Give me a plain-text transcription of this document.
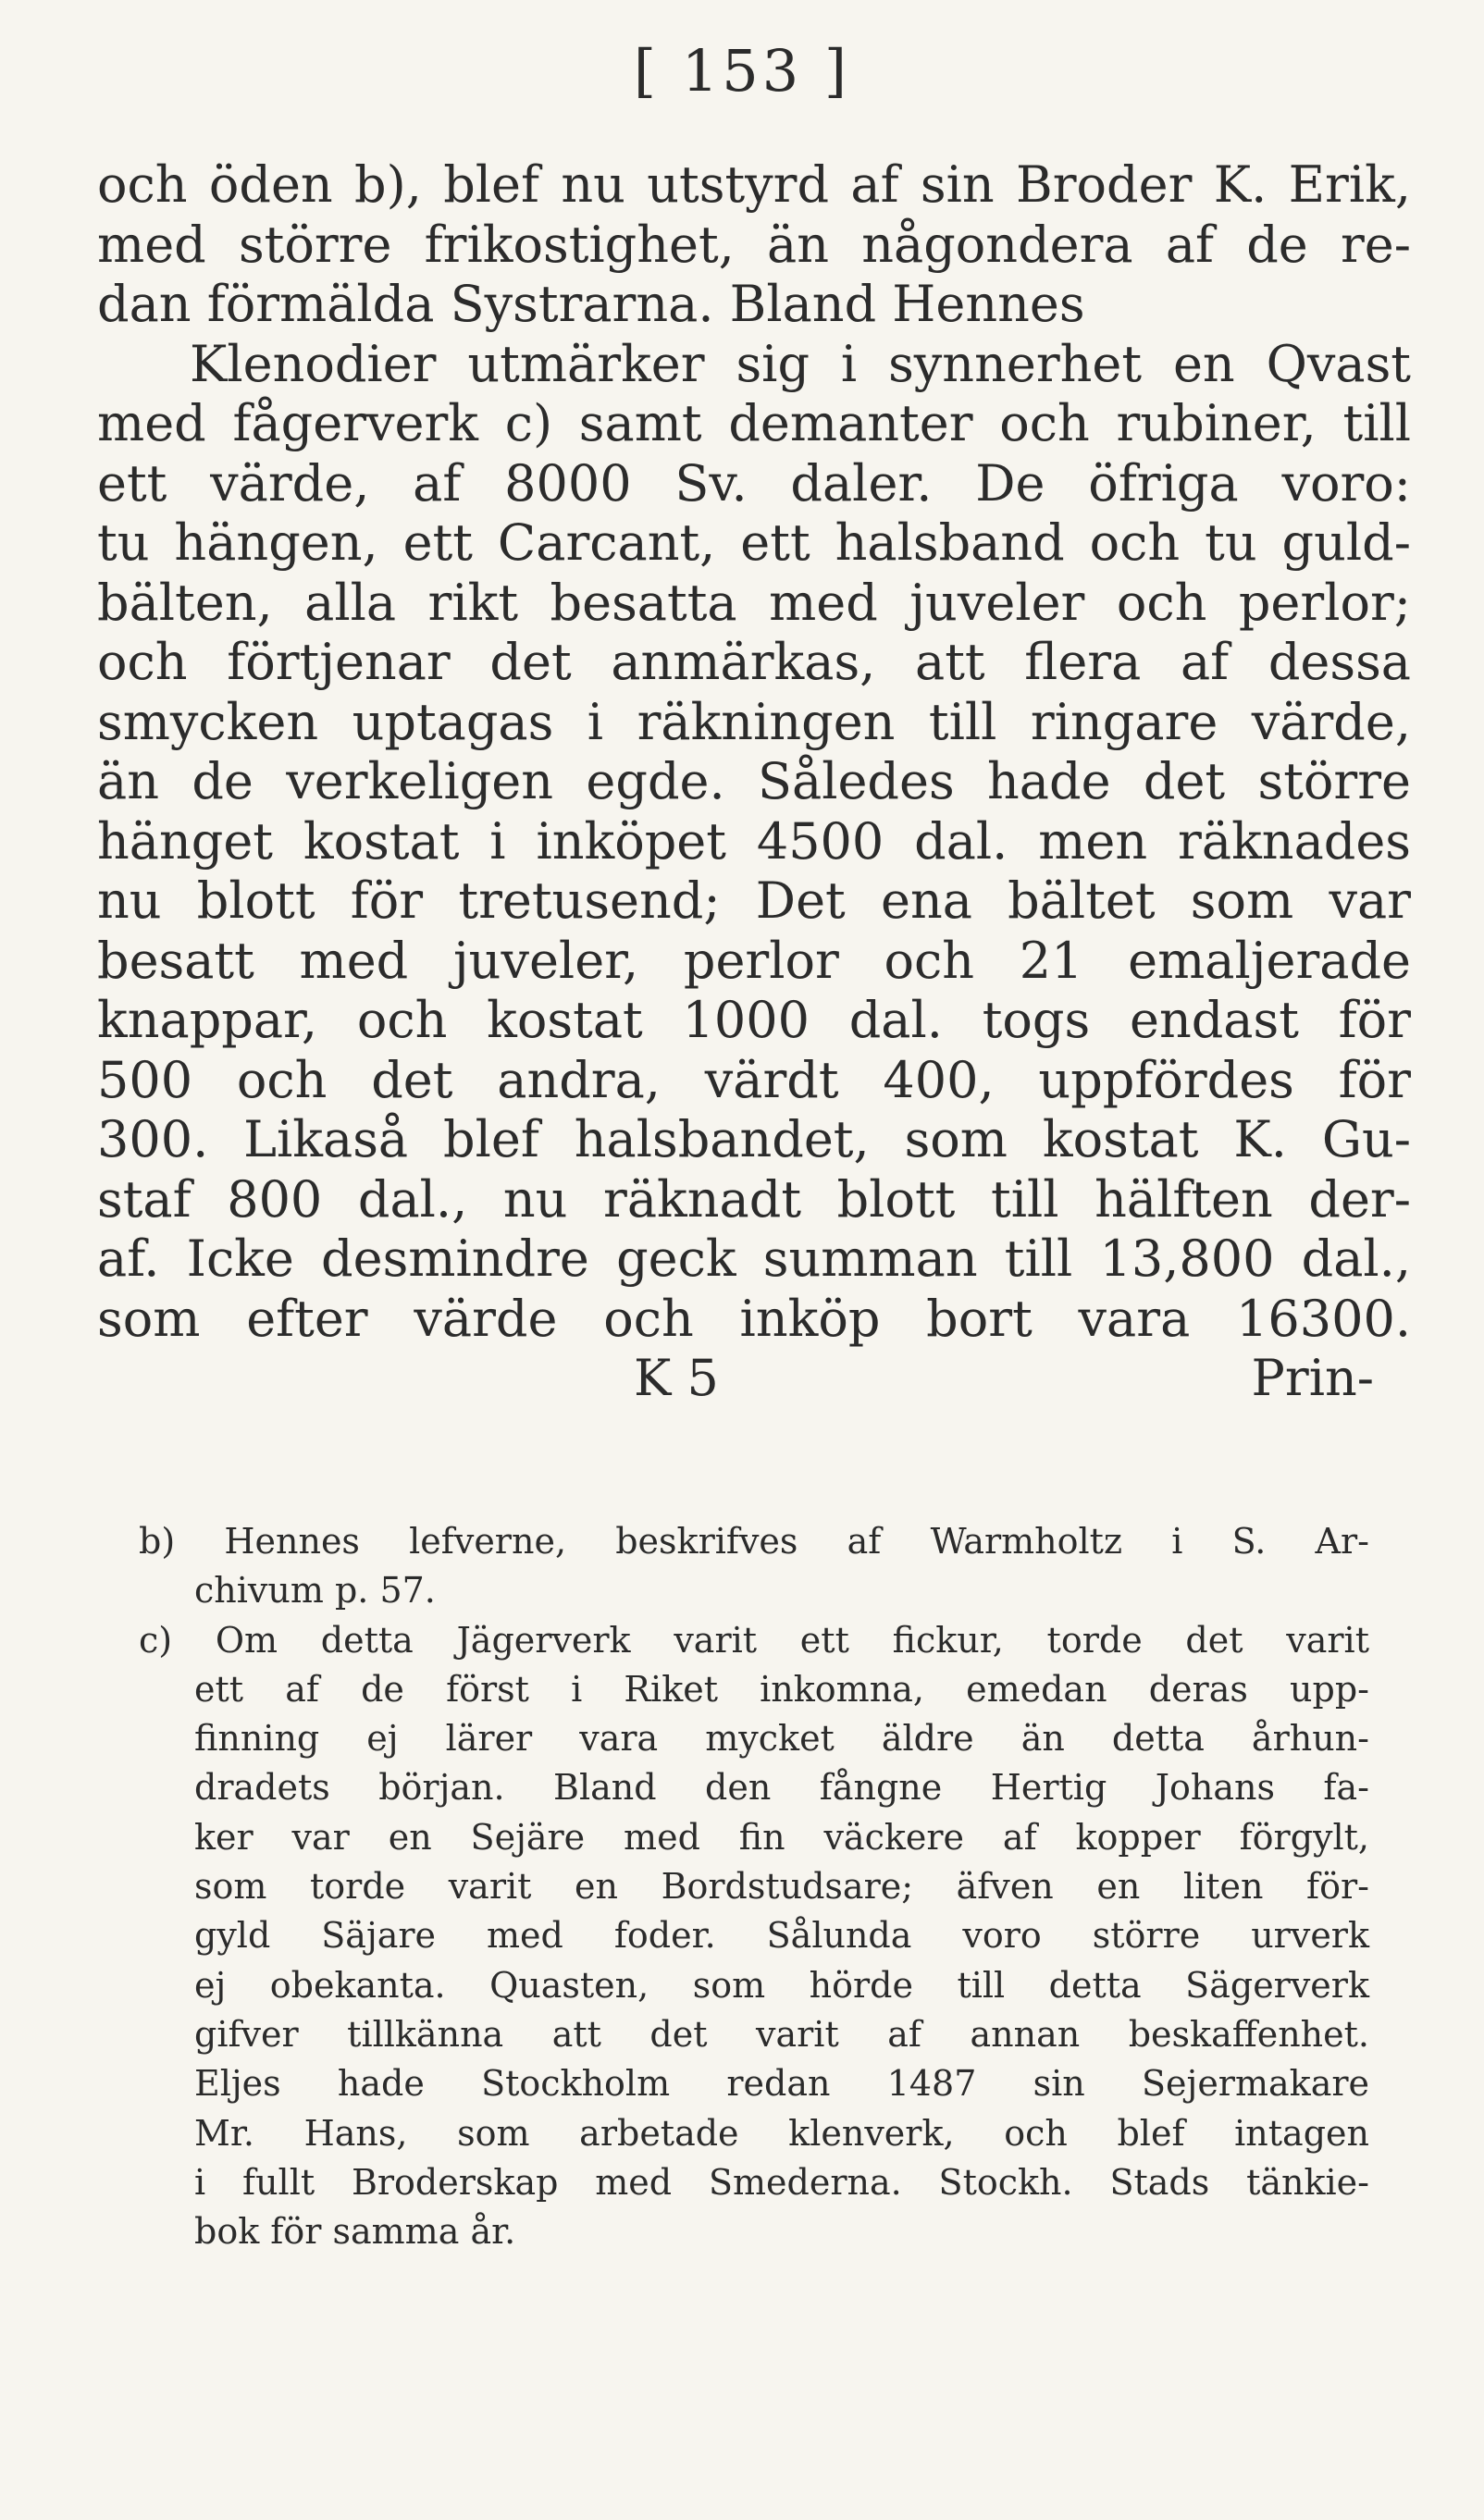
[ 153 ]
och öden b), blef nu utstyrd af sin Broder K. Erik,
med större frikostighet, än någondera af de re-
dan förmälda Systrarna. Bland Hennes
Klenodier utmärker sig i synnerhet en Qvast
med fågerverk c) samt demanter och rubiner, till
ett värde, af 8000 Sv. daler. De öfriga voro:
tu hängen, ett Carcant, ett halsband och tu guld-
bälten, alla rikt besatta med juveler och perlor;
och förtjenar det anmärkas, att flera af dessa
smycken uptagas i räkningen till ringare värde,
än de verkeligen egde. Således hade det större
hänget kostat i inköpet 4500 dal. men räknades
nu blott för tretusend; Det ena bältet som var
besatt med juveler, perlor och 21 emaljerade
knappar, och kostat 1000 dal. togs endast för
500 och det andra, värdt 400, uppfördes för
300. Likaså blef halsbandet, som kostat K. Gu-
staf 800 dal., nu räknadt blott till hälften der-
af. Icke desmindre geck summan till 13,800 dal.,
som efter värde och inköp bort vara 16300.
K 5	Prin-
b) Hennes lefverne, beskrifves af Warmholtz i S. Ar-
chivum p. 57.
c) Om detta Jägerverk varit ett fickur, torde det varit
ett af de först i Riket inkomna, emedan deras upp-
finning ej lärer vara mycket äldre än detta århun-
dradets början. Bland den fångne Hertig Johans fa-
ker var en Sejäre med fin väckere af kopper förgylt,
som torde varit en Bordstudsare; äfven en liten för-
gyld Säjare med foder. Sålunda voro större urverk
ej obekanta. Quasten, som hörde till detta Sägerverk
gifver tillkänna att det varit af annan beskaffenhet.
Eljes hade Stockholm redan 1487 sin Sejermakare
Mr. Hans, som arbetade klenverk, och blef intagen
i fullt Broderskap med Smederna. Stockh. Stads tänkie-
bok för samma år.
